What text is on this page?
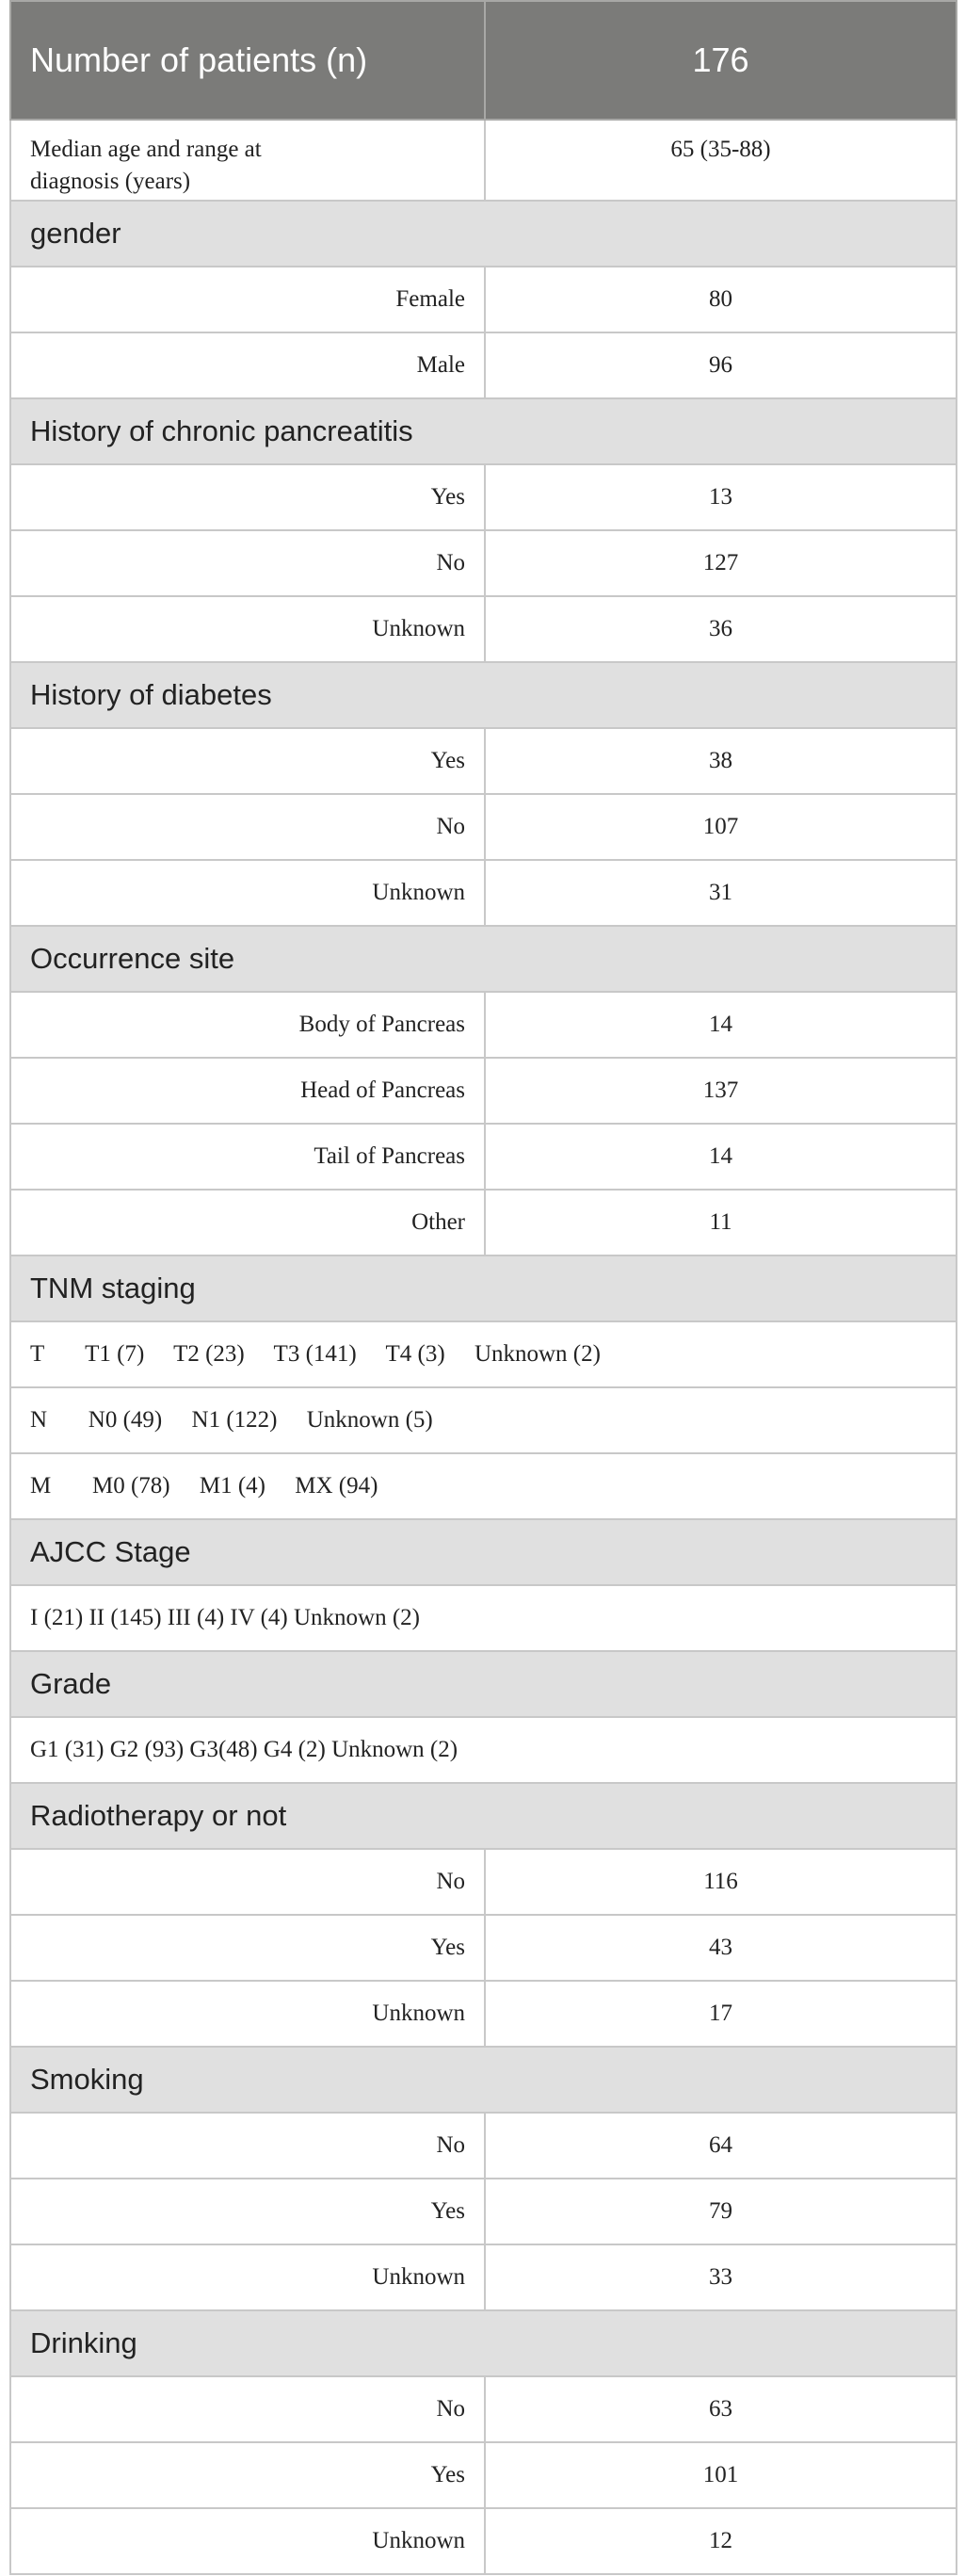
Number of patients (n)	176
Median age and range at
diagnosis (years)	65 (35-88)
gender	
Female	80
Male	96
History of chronic pancreatitis	
Yes	13
No	127
Unknown	36
History of diabetes	
Yes	38
No	107
Unknown	31
Occurrence site	
Body of Pancreas	14
Head of Pancreas	137
Tail of Pancreas	14
Other	11
TNM staging	
T       T1 (7)     T2 (23)     T3 (141)     T4 (3)     Unknown (2)	
N       N0 (49)     N1 (122)     Unknown (5)	
M       M0 (78)     M1 (4)     MX (94)	
AJCC Stage	
I (21) II (145) III (4) IV (4) Unknown (2)	
Grade	
G1 (31) G2 (93) G3(48) G4 (2) Unknown (2)	
Radiotherapy or not	
No	116
Yes	43
Unknown	17
Smoking	
No	64
Yes	79
Unknown	33
Drinking	
No	63
Yes	101
Unknown	12
